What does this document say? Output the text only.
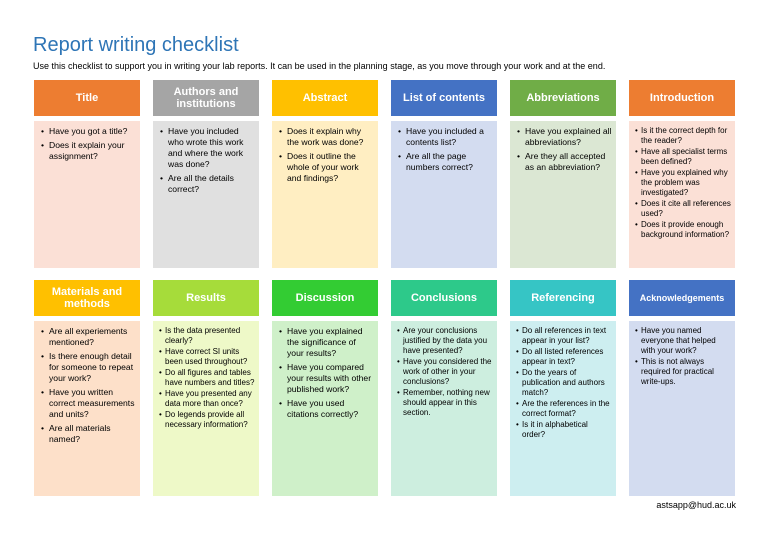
Report writing checklist
Use this checklist to support you in writing your lab reports. It can be used in the planning stage, as you move through your work and at the end.
Title
• Have you got a title?
• Does it explain your assignment?
Authors and institutions
• Have you included who wrote this work and where the work was done?
• Are all the details correct?
Abstract
• Does it explain why the work was done?
• Does it outline the whole of your work and findings?
List of contents
• Have you included a contents list?
• Are all the page numbers correct?
Abbreviations
• Have you explained all abbreviations?
• Are they all accepted as an abbreviation?
Introduction
• Is it the correct depth for the reader?
• Have all specialist terms been defined?
• Have you explained why the problem was investigated?
• Does it cite all references used?
• Does it provide enough background information?
Materials and methods
• Are all experiements mentioned?
• Is there enough detail for someone to repeat your work?
• Have you written correct measurements and units?
• Are all materials named?
Results
• Is the data presented clearly?
• Have correct SI units been used throughout?
• Do all figures and tables have numbers and titles?
• Have you presented any data more than once?
• Do legends provide all necessary information?
Discussion
• Have you explained the significance of your results?
• Have you compared your results with other published work?
• Have you used citations correctly?
Conclusions
• Are your conclusions justified by the data you have presented?
• Have you considered the work of other in your conclusions?
• Remember, nothing new should appear in this section.
Referencing
• Do all references in text appear in your list?
• Do all listed references appear in text?
• Do the years of publication and authors match?
• Are the references in the correct format?
• Is it in alphabetical order?
Acknowledgements
• Have you named everyone that helped with your work?
• This is not always required for practical write-ups.
astsapp@hud.ac.uk
